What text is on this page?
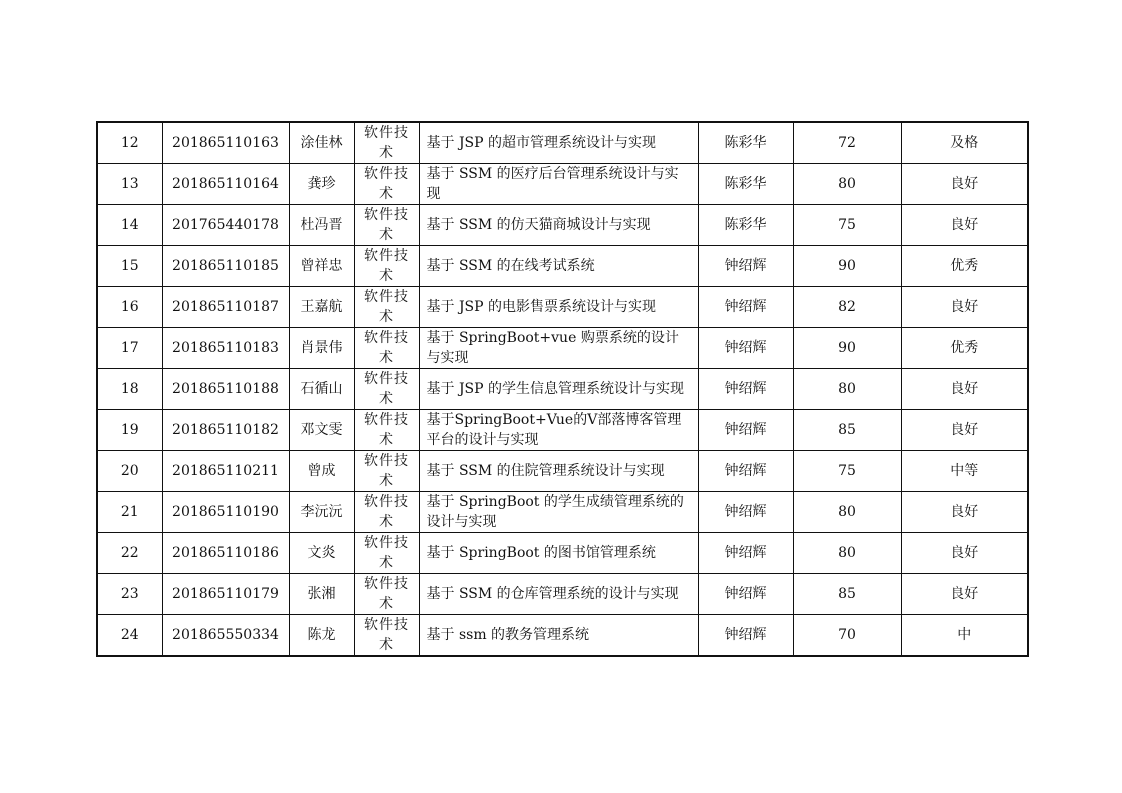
12	201865110163	涂佳林	软件技术	基于 JSP 的超市管理系统设计与实现	陈彩华	72	及格
13	201865110164	龚珍	软件技术	基于 SSM 的医疗后台管理系统设计与实现	陈彩华	80	良好
14	201765440178	杜冯晋	软件技术	基于 SSM 的仿天猫商城设计与实现	陈彩华	75	良好
15	201865110185	曾祥忠	软件技术	基于 SSM 的在线考试系统	钟绍辉	90	优秀
16	201865110187	王嘉航	软件技术	基于 JSP 的电影售票系统设计与实现	钟绍辉	82	良好
17	201865110183	肖景伟	软件技术	基于 SpringBoot+vue 购票系统的设计与实现	钟绍辉	90	优秀
18	201865110188	石循山	软件技术	基于 JSP 的学生信息管理系统设计与实现	钟绍辉	80	良好
19	201865110182	邓文雯	软件技术	基于SpringBoot+Vue的V部落博客管理平台的设计与实现	钟绍辉	85	良好
20	201865110211	曾成	软件技术	基于 SSM 的住院管理系统设计与实现	钟绍辉	75	中等
21	201865110190	李沅沅	软件技术	基于 SpringBoot 的学生成绩管理系统的设计与实现	钟绍辉	80	良好
22	201865110186	文炎	软件技术	基于 SpringBoot 的图书馆管理系统	钟绍辉	80	良好
23	201865110179	张湘	软件技术	基于 SSM 的仓库管理系统的设计与实现	钟绍辉	85	良好
24	201865550334	陈龙	软件技术	基于 ssm 的教务管理系统	钟绍辉	70	中
